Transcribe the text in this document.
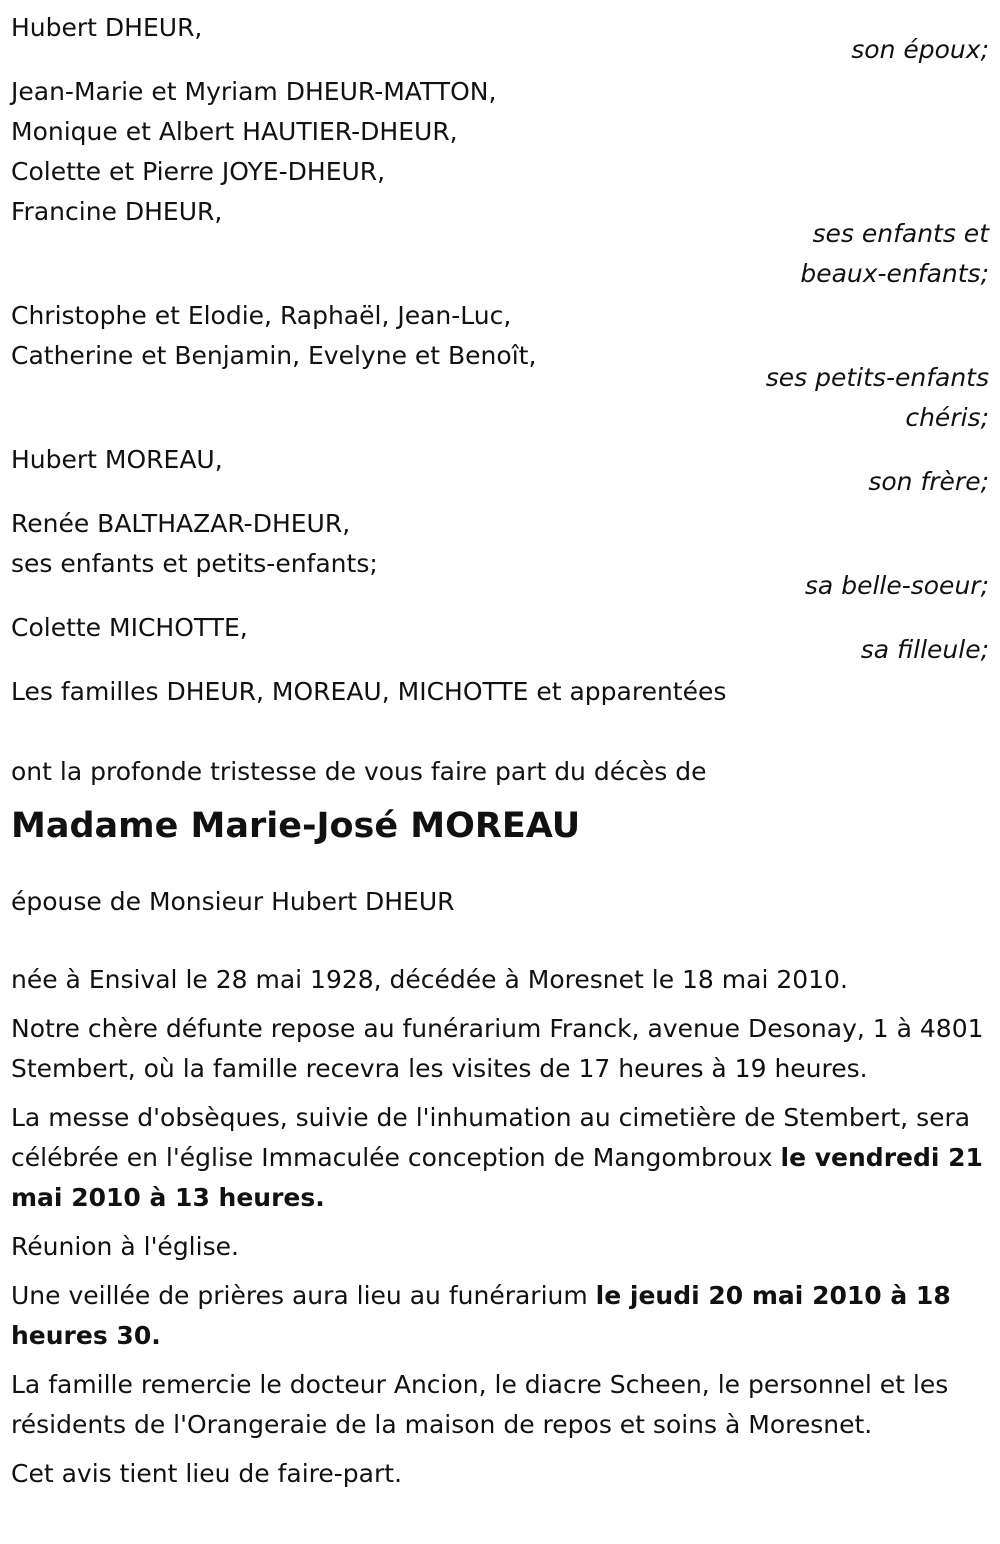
Hubert DHEUR,
son époux;
Jean-Marie et Myriam DHEUR-MATTON,
Monique et Albert HAUTIER-DHEUR,
Colette et Pierre JOYE-DHEUR,
Francine DHEUR,
ses enfants et
beaux-enfants;
Christophe et Elodie, Raphaël, Jean-Luc,
Catherine et Benjamin, Evelyne et Benoît,
ses petits-enfants
chéris;
Hubert MOREAU,
son frère;
Renée BALTHAZAR-DHEUR,
ses enfants et petits-enfants;
sa belle-soeur;
Colette MICHOTTE,
sa filleule;
Les familles DHEUR, MOREAU, MICHOTTE et apparentées
ont la profonde tristesse de vous faire part du décès de
Madame Marie-José MOREAU
épouse de Monsieur Hubert DHEUR
née à Ensival le 28 mai 1928, décédée à Moresnet le 18 mai 2010.
Notre chère défunte repose au funérarium Franck, avenue Desonay, 1 à 4801 Stembert, où la famille recevra les visites de 17 heures à 19 heures.
La messe d'obsèques, suivie de l'inhumation au cimetière de Stembert, sera célébrée en l'église Immaculée conception de Mangombroux le vendredi 21 mai 2010 à 13 heures.
Réunion à l'église.
Une veillée de prières aura lieu au funérarium le jeudi 20 mai 2010 à 18 heures 30.
La famille remercie le docteur Ancion, le diacre Scheen, le personnel et les résidents de l'Orangeraie de la maison de repos et soins à Moresnet.
Cet avis tient lieu de faire-part.
